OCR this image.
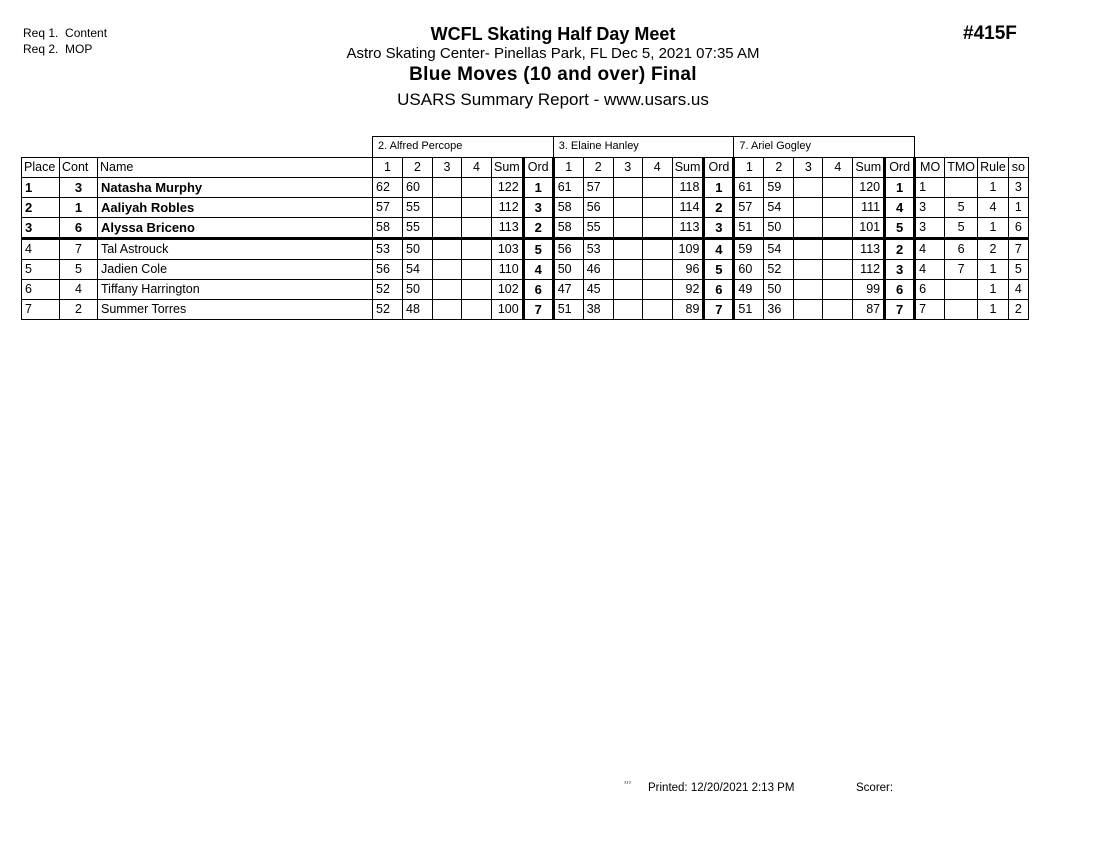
Req 1.  Content
Req 2.  MOP
#415F
WCFL Skating Half Day Meet
Astro Skating Center- Pinellas Park, FL Dec 5, 2021 07:35 AM
Blue Moves (10 and over) Final
USARS Summary Report - www.usars.us
			2. Alfred Percope						3. Elaine Hanley						7. Ariel Gogley									
Place	Cont	Name	1	2	3	4	Sum	Ord	1	2	3	4	Sum	Ord	1	2	3	4	Sum	Ord	MO	TMO	Rule	so
1	3	Natasha Murphy	62	60			122	1	61	57			118	1	61	59			120	1	1		1	3
2	1	Aaliyah Robles	57	55			112	3	58	56			114	2	57	54			111	4	3	5	4	1
3	6	Alyssa Briceno	58	55			113	2	58	55			113	3	51	50			101	5	3	5	1	6
4	7	Tal Astrouck	53	50			103	5	56	53			109	4	59	54			113	2	4	6	2	7
5	5	Jadien Cole	56	54			110	4	50	46			96	5	60	52			112	3	4	7	1	5
6	4	Tiffany Harrington	52	50			102	6	47	45			92	6	49	50			99	6	6		1	4
7	2	Summer Torres	52	48			100	7	51	38			89	7	51	36			87	7	7		1	2
ᵌᵌᵌ Printed: 12/20/2021 2:13 PM	Scorer:
